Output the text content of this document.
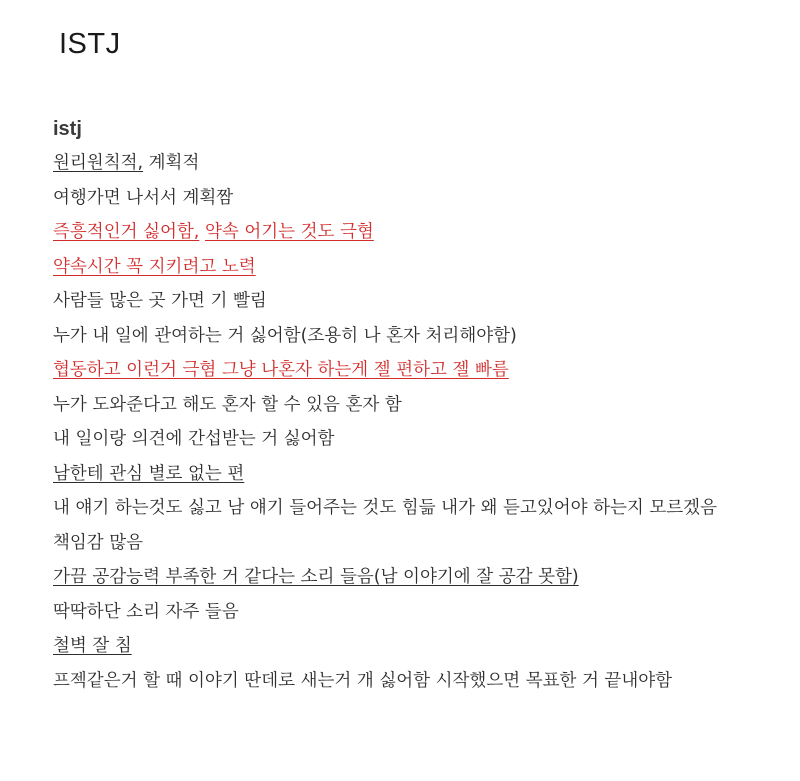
ISTJ
istj
원리원칙적, 계획적
여행가면 나서서 계획짬
즉흥적인거 싫어함, 약속 어기는 것도 극혐
약속시간 꼭 지키려고 노력
사람들 많은 곳 가면 기 빨림
누가 내 일에 관여하는 거 싫어함(조용히 나 혼자 처리해야함)
협동하고 이런거 극혐 그냥 나혼자 하는게 젤 편하고 젤 빠름
누가 도와준다고 해도 혼자 할 수 있음 혼자 함
내 일이랑 의견에 간섭받는 거 싫어함
남한테 관심 별로 없는 편
내 얘기 하는것도 싫고 남 얘기 들어주는 것도 힘듦 내가 왜 듣고있어야 하는지 모르겠음
책임감 많음
가끔 공감능력 부족한 거 같다는 소리 들음(남 이야기에 잘 공감 못함)
딱딱하단 소리 자주 들음
철벽 잘 침
프젝같은거 할 때 이야기 딴데로 새는거 개 싫어함 시작했으면 목표한 거 끝내야함
